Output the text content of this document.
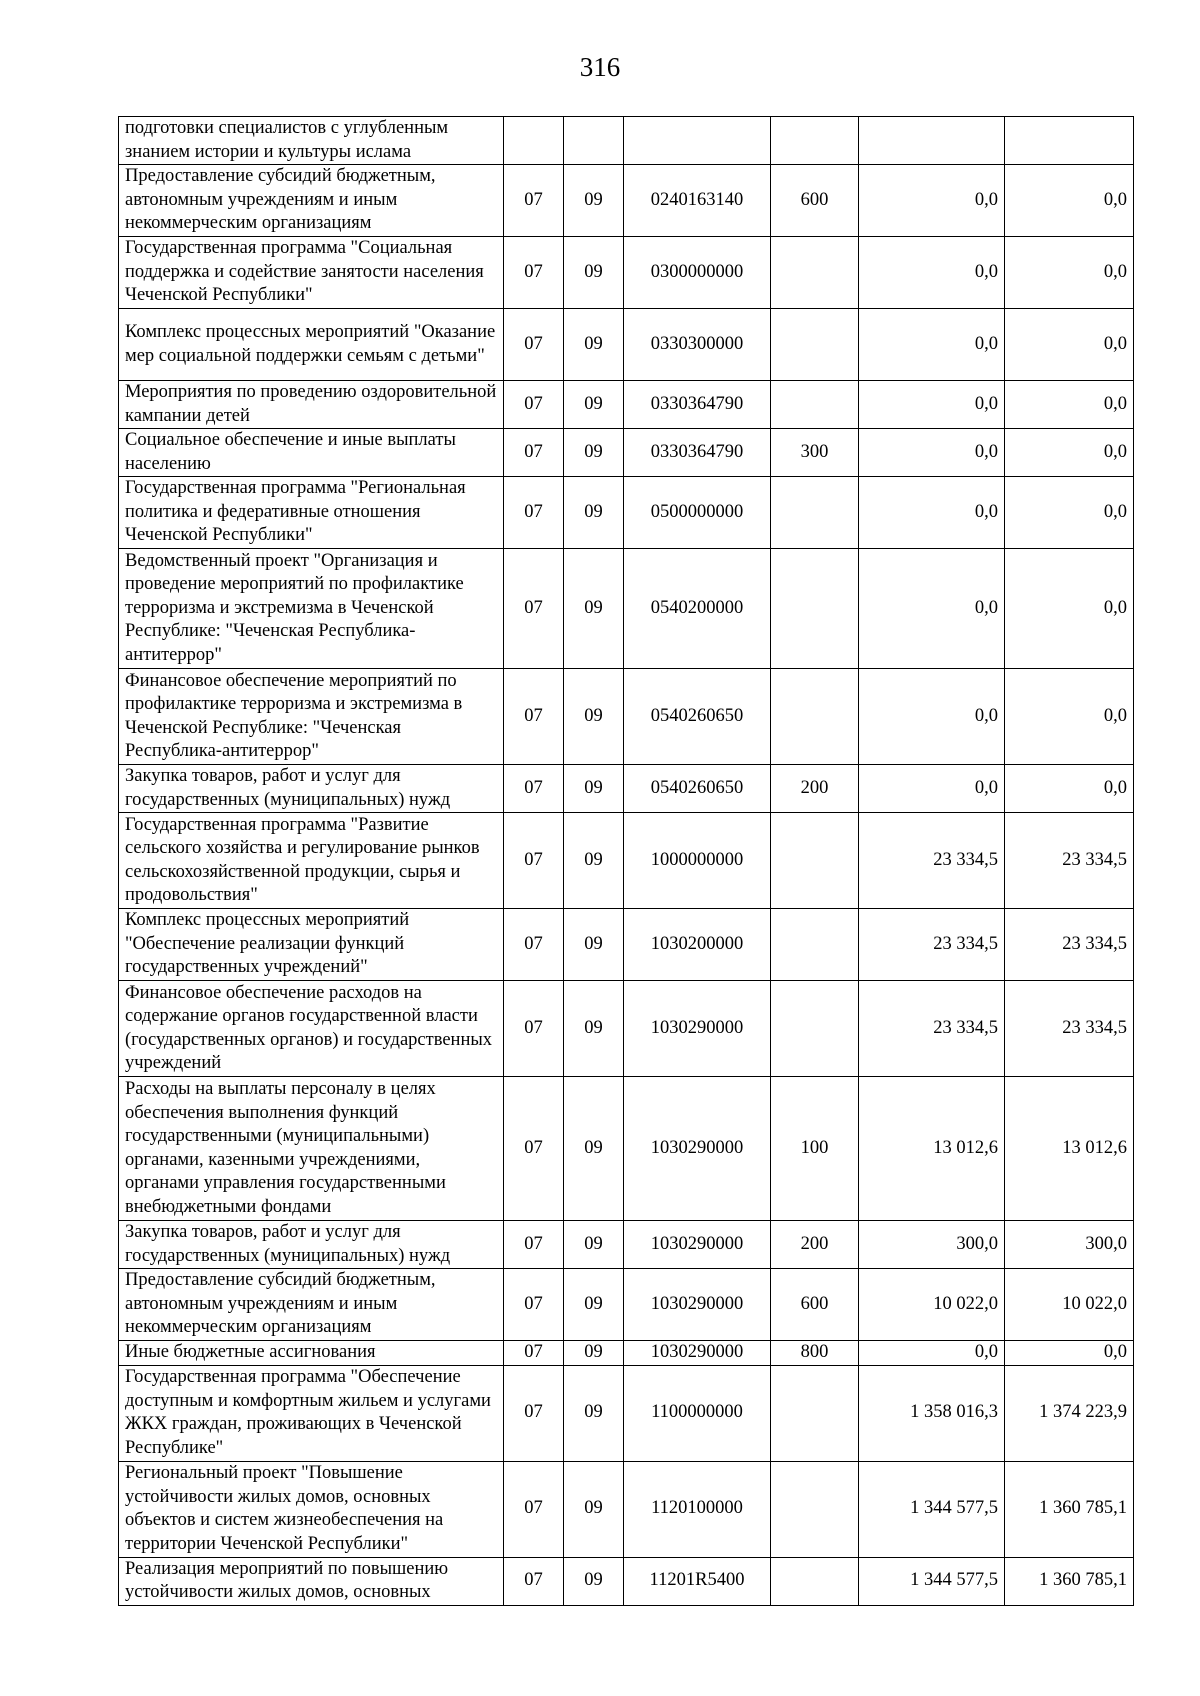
316
подготовки специалистов с углубленным знанием истории и культуры ислама						
Предоставление субсидий бюджетным, автономным учреждениям и иным некоммерческим организациям	07	09	0240163140	600	0,0	0,0
Государственная программа "Социальная поддержка и содействие занятости населения Чеченской Республики"	07	09	0300000000		0,0	0,0
Комплекс процессных мероприятий "Оказание мер социальной поддержки семьям с детьми"	07	09	0330300000		0,0	0,0
Мероприятия по проведению оздоровительной кампании детей	07	09	0330364790		0,0	0,0
Социальное обеспечение и иные выплаты населению	07	09	0330364790	300	0,0	0,0
Государственная программа "Региональная политика и федеративные отношения Чеченской Республики"	07	09	0500000000		0,0	0,0
Ведомственный проект "Организация и проведение мероприятий по профилактике терроризма и экстремизма в Чеченской Республике: "Чеченская Республика-антитеррор"	07	09	0540200000		0,0	0,0
Финансовое обеспечение мероприятий по профилактике терроризма и экстремизма в Чеченской Республике: "Чеченская Республика-антитеррор"	07	09	0540260650		0,0	0,0
Закупка товаров, работ и услуг для государственных (муниципальных) нужд	07	09	0540260650	200	0,0	0,0
Государственная программа "Развитие сельского хозяйства и регулирование рынков сельскохозяйственной продукции, сырья и продовольствия"	07	09	1000000000		23 334,5	23 334,5
Комплекс процессных мероприятий "Обеспечение реализации функций государственных учреждений"	07	09	1030200000		23 334,5	23 334,5
Финансовое обеспечение расходов на содержание органов государственной власти (государственных органов) и государственных учреждений	07	09	1030290000		23 334,5	23 334,5
Расходы на выплаты персоналу в целях обеспечения выполнения функций государственными (муниципальными) органами, казенными учреждениями, органами управления государственными внебюджетными фондами	07	09	1030290000	100	13 012,6	13 012,6
Закупка товаров, работ и услуг для государственных (муниципальных) нужд	07	09	1030290000	200	300,0	300,0
Предоставление субсидий бюджетным, автономным учреждениям и иным некоммерческим организациям	07	09	1030290000	600	10 022,0	10 022,0
Иные бюджетные ассигнования	07	09	1030290000	800	0,0	0,0
Государственная программа "Обеспечение доступным и комфортным жильем и услугами ЖКХ граждан, проживающих в Чеченской Республике"	07	09	1100000000		1 358 016,3	1 374 223,9
Региональный проект "Повышение устойчивости жилых домов, основных объектов и систем жизнеобеспечения на территории Чеченской Республики"	07	09	1120100000		1 344 577,5	1 360 785,1
Реализация мероприятий по повышению устойчивости жилых домов, основных	07	09	11201R5400		1 344 577,5	1 360 785,1
